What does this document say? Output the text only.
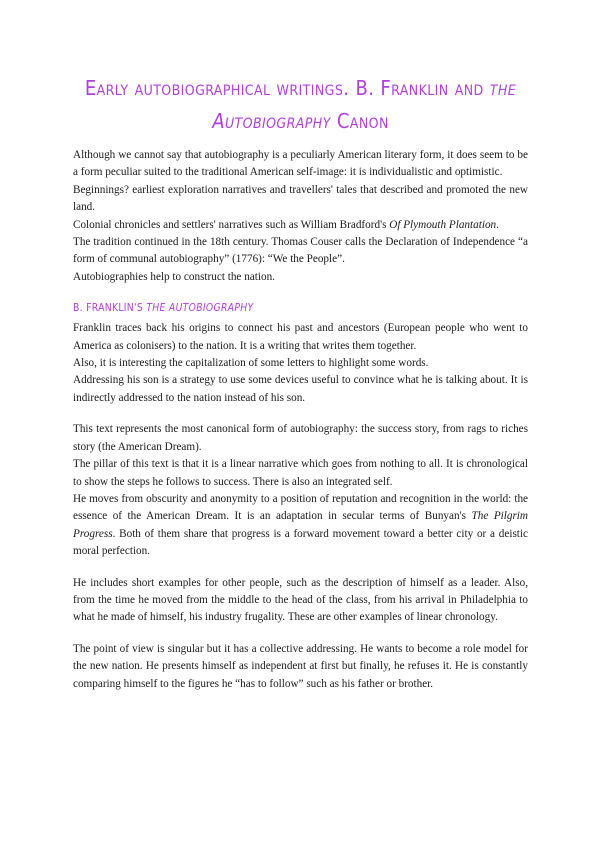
Early autobiographical writings. B. Franklin and the
Autobiography Canon

Although we cannot say that autobiography is a peculiarly American literary form, it does seem to be a form peculiar suited to the traditional American self-image: it is individualistic and optimistic.

Beginnings? earliest exploration narratives and travellers' tales that described and promoted the new land.

Colonial chronicles and settlers' narratives such as William Bradford's Of Plymouth Plantation.

The tradition continued in the 18th century. Thomas Couser calls the Declaration of Independence “a form of communal autobiography” (1776): “We the People”.

Autobiographies help to construct the nation.

B. FRANKLIN'S THE AUTOBIOGRAPHY

Franklin traces back his origins to connect his past and ancestors (European people who went to America as colonisers) to the nation. It is a writing that writes them together.

Also, it is interesting the capitalization of some letters to highlight some words.

Addressing his son is a strategy to use some devices useful to convince what he is talking about. It is indirectly addressed to the nation instead of his son.

This text represents the most canonical form of autobiography: the success story, from rags to riches story (the American Dream).

The pillar of this text is that it is a linear narrative which goes from nothing to all. It is chronological to show the steps he follows to success. There is also an integrated self.

He moves from obscurity and anonymity to a position of reputation and recognition in the world: the essence of the American Dream. It is an adaptation in secular terms of Bunyan's The Pilgrim Progress. Both of them share that progress is a forward movement toward a better city or a deistic moral perfection.

He includes short examples for other people, such as the description of himself as a leader. Also, from the time he moved from the middle to the head of the class, from his arrival in Philadelphia to what he made of himself, his industry frugality. These are other examples of linear chronology.

The point of view is singular but it has a collective addressing. He wants to become a role model for the new nation. He presents himself as independent at first but finally, he refuses it. He is constantly comparing himself to the figures he “has to follow” such as his father or brother.
